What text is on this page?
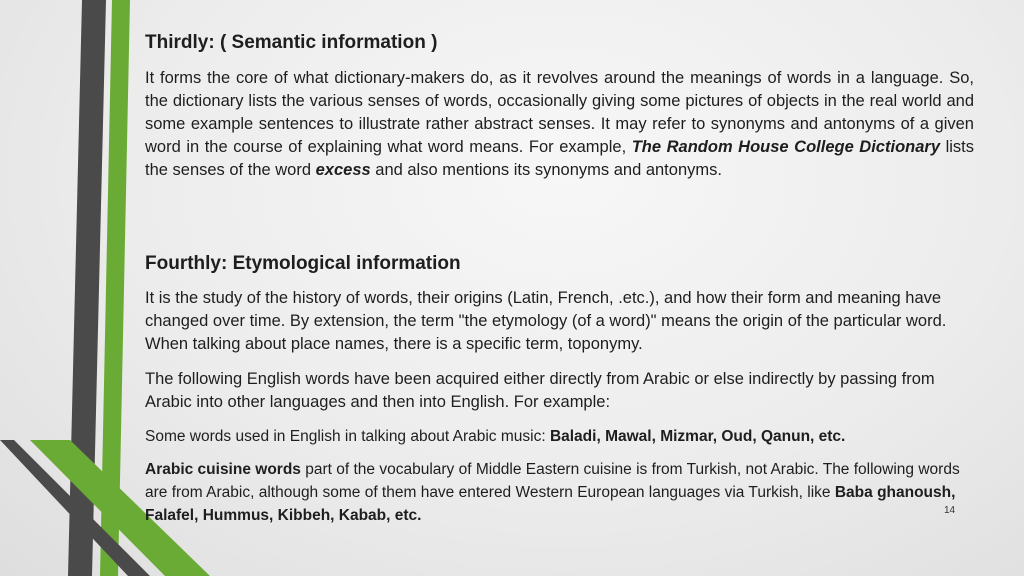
Thirdly: ( Semantic information )

It forms the core of what dictionary-makers do, as it revolves around the meanings of words in a language. So, the dictionary lists the various senses of words, occasionally giving some pictures of objects in the real world and some example sentences to illustrate rather abstract senses. It may refer to synonyms and antonyms of a given word in the course of explaining what word means. For example, The Random House College Dictionary lists the senses of the word excess and also mentions its synonyms and antonyms.

Fourthly: Etymological information

It is the study of the history of words, their origins (Latin, French, .etc.), and how their form and meaning have changed over time. By extension, the term "the etymology (of a word)" means the origin of the particular word. When talking about place names, there is a specific term, toponymy.

The following English words have been acquired either directly from Arabic or else indirectly by passing from Arabic into other languages and then into English. For example:

Some words used in English in talking about Arabic music: Baladi, Mawal, Mizmar, Oud, Qanun, etc.

Arabic cuisine words part of the vocabulary of Middle Eastern cuisine is from Turkish, not Arabic. The following words are from Arabic, although some of them have entered Western European languages via Turkish, like Baba ghanoush, Falafel, Hummus, Kibbeh, Kabab, etc.	14
